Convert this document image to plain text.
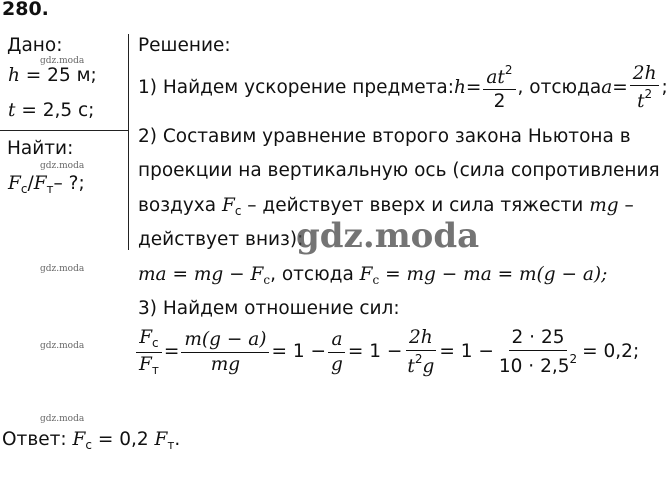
280.
Дано:
h = 25 м;
t = 2,5 с;
Найти:
$F_с/F_т-$ ?;
Решение:
1) Найдем ускорение предмета: $h = \frac{at^2}{2}$ , отсюда $a = \frac{2h}{t^2}$ ;
2) Составим уравнение второго закона Ньютона в
проекции на вертикальную ось (сила сопротивления
воздуха $F_с$ – действует вверх и сила тяжести mg –
действует вниз):
ma = mg − $F_с$, отсюда $F_с$ = mg − ma = m(g − a);
3) Найдем отношение сил:
$\frac{F_с}{F_т} = \frac{m(g - a)}{mg} = 1 - \frac{a}{g} = 1 - \frac{2h}{t^2g} = 1 - \frac{2 \cdot 25}{10 \cdot 2,5^2} = 0,2$;
Ответ: $F_с = 0,2$ $F_т$.
gdz.moda
gdz.moda
gdz.moda
gdz.moda
gdz.moda
gdz.moda
